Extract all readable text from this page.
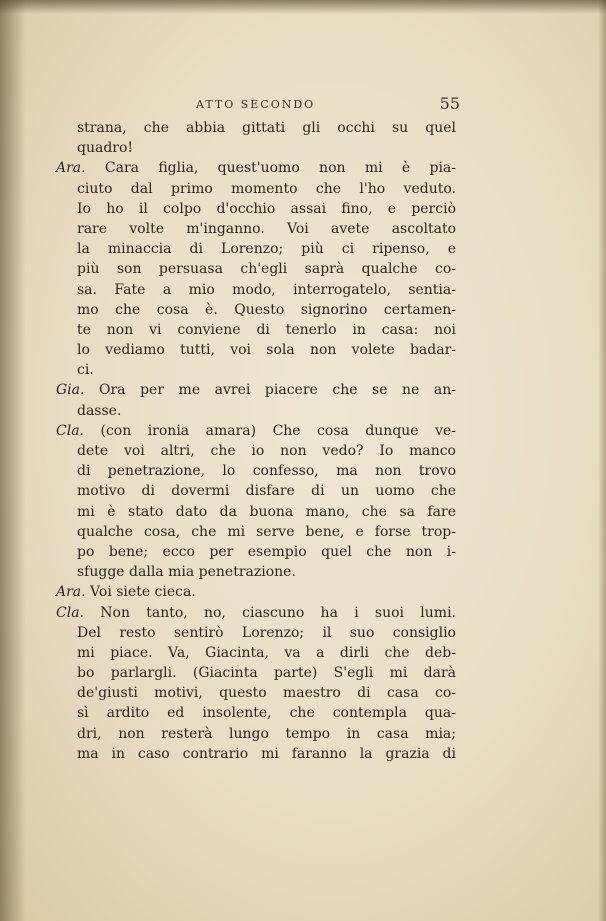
ATTO SECONDO	55
strana, che abbia gittati gli occhi su quel
quadro!
Ara. Cara figlia, quest'uomo non mi è pia-
ciuto dal primo momento che l'ho veduto.
Io ho il colpo d'occhio assai fino, e perciò
rare volte m'inganno. Voi avete ascoltato
la minaccia di Lorenzo; più ci ripenso, e
più son persuasa ch'egli saprà qualche co-
sa. Fate a mio modo, interrogatelo, sentia-
mo che cosa è. Questo signorino certamen-
te non vi conviene di tenerlo in casa: noi
lo vediamo tutti, voi sola non volete badar-
ci.
Gia. Ora per me avrei piacere che se ne an-
dasse.
Cla. (con ironia amara) Che cosa dunque ve-
dete voi altri, che io non vedo? Io manco
di penetrazione, lo confesso, ma non trovo
motivo di dovermi disfare di un uomo che
mi è stato dato da buona mano, che sa fare
qualche cosa, che mi serve bene, e forse trop-
po bene; ecco per esempio quel che non i-
sfugge dalla mia penetrazione.
Ara. Voi siete cieca.
Cla. Non tanto, no, ciascuno ha i suoi lumi.
Del resto sentirò Lorenzo; il suo consiglio
mi piace. Va, Giacinta, va a dirli che deb-
bo parlargli. (Giacinta parte) S'egli mi darà
de'giusti motivi, questo maestro di casa co-
sì ardito ed insolente, che contempla qua-
dri, non resterà lungo tempo in casa mia;
ma in caso contrario mi faranno la grazia di
